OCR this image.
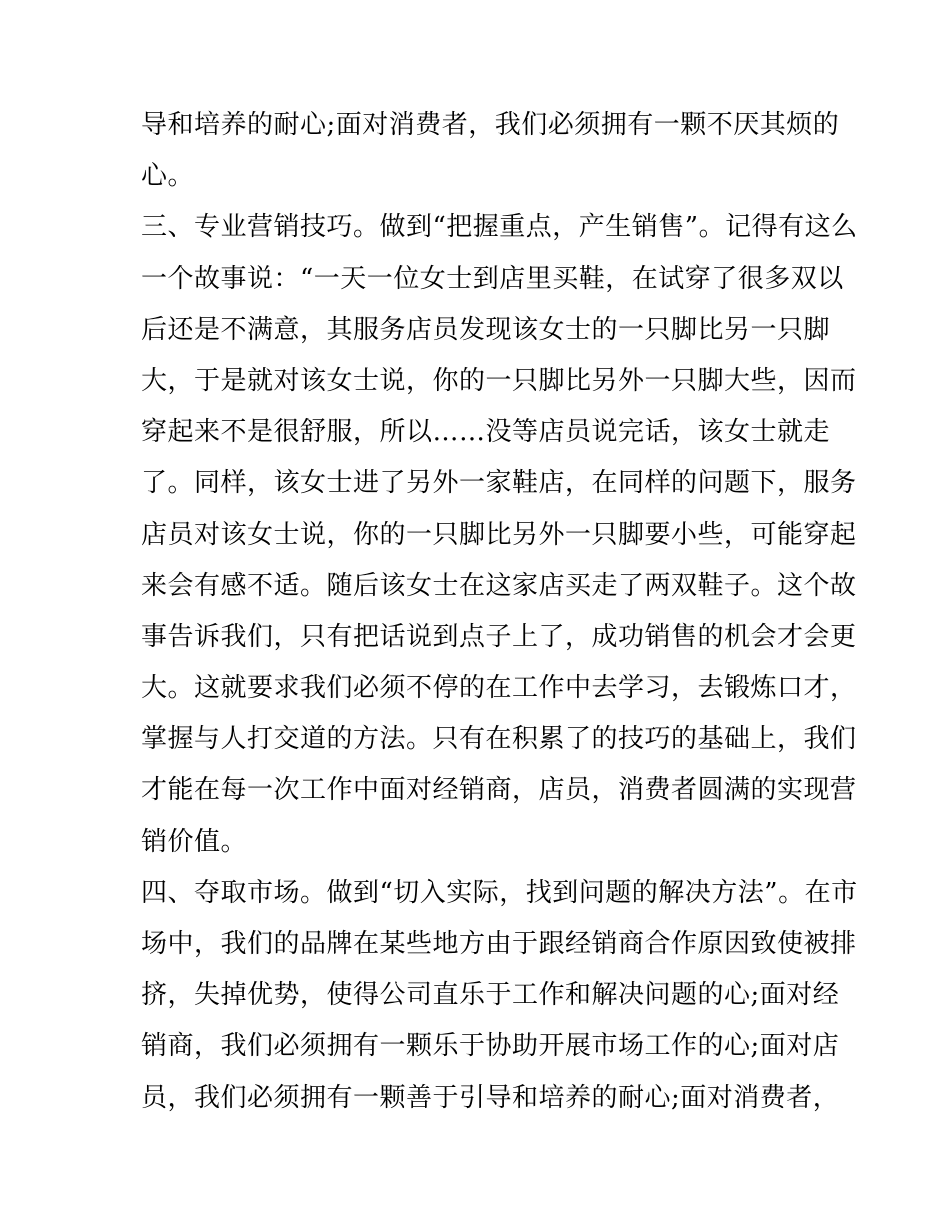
导和培养的耐心;面对消费者，我们必须拥有一颗不厌其烦的
心。
三、专业营销技巧。做到“把握重点，产生销售”。记得有这么
一个故事说：“一天一位女士到店里买鞋，在试穿了很多双以
后还是不满意，其服务店员发现该女士的一只脚比另一只脚
大，于是就对该女士说，你的一只脚比另外一只脚大些，因而
穿起来不是很舒服，所以……没等店员说完话，该女士就走
了。同样，该女士进了另外一家鞋店，在同样的问题下，服务
店员对该女士说，你的一只脚比另外一只脚要小些，可能穿起
来会有感不适。随后该女士在这家店买走了两双鞋子。这个故
事告诉我们，只有把话说到点子上了，成功销售的机会才会更
大。这就要求我们必须不停的在工作中去学习，去锻炼口才，
掌握与人打交道的方法。只有在积累了的技巧的基础上，我们
才能在每一次工作中面对经销商，店员，消费者圆满的实现营
销价值。
四、夺取市场。做到“切入实际，找到问题的解决方法”。在市
场中，我们的品牌在某些地方由于跟经销商合作原因致使被排
挤，失掉优势，使得公司直乐于工作和解决问题的心;面对经
销商，我们必须拥有一颗乐于协助开展市场工作的心;面对店
员，我们必须拥有一颗善于引导和培养的耐心;面对消费者，
